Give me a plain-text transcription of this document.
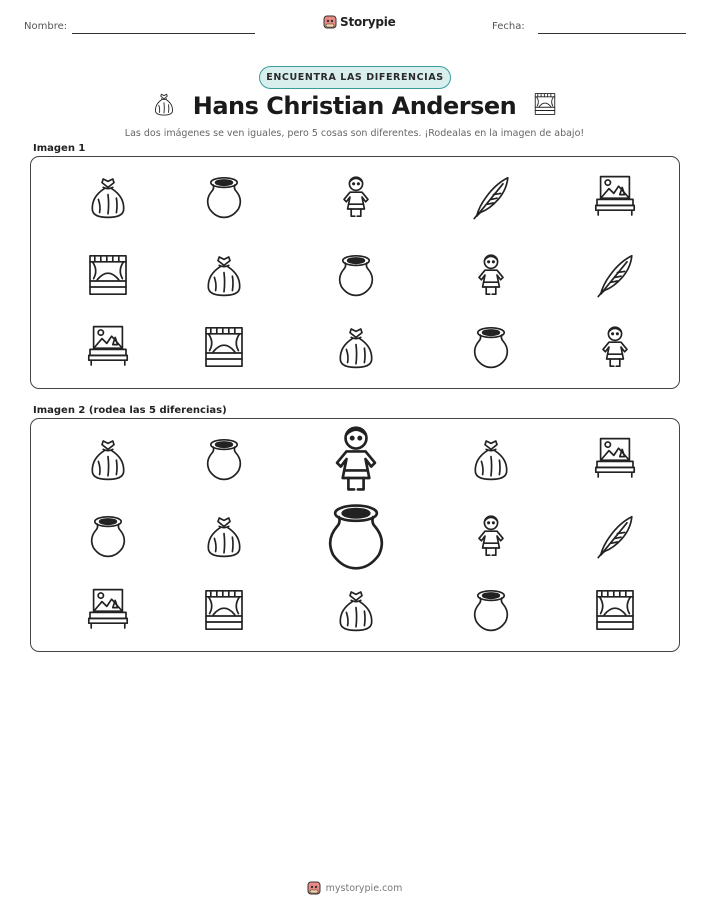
Nombre:	Storypie	Fecha:
ENCUENTRA LAS DIFERENCIAS
Hans Christian Andersen
Las dos imágenes se ven iguales, pero 5 cosas son diferentes. ¡Rodealas en la imagen de abajo!
Imagen 1
Imagen 2 (rodea las 5 diferencias)
mystorypie.com
